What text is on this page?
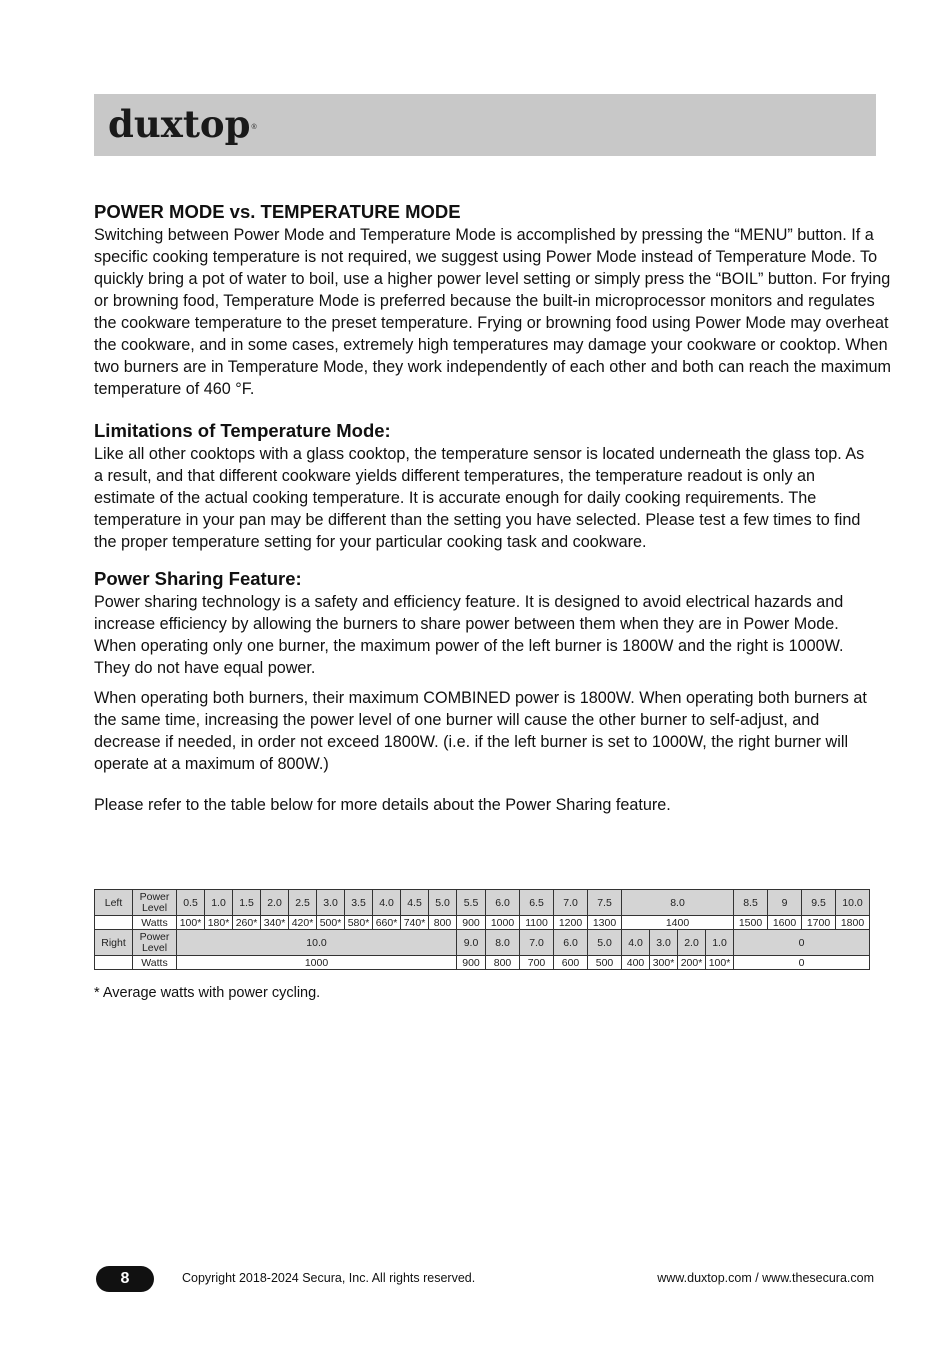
duxtop®
POWER MODE vs. TEMPERATURE MODE

Switching between Power Mode and Temperature Mode is accomplished by pressing the “MENU” button. If a specific cooking temperature is not required, we suggest using Power Mode instead of Temperature Mode. To quickly bring a pot of water to boil, use a higher power level setting or simply press the “BOIL” button. For frying or browning food, Temperature Mode is preferred because the built-in microprocessor monitors and regulates the cookware temperature to the preset temperature. Frying or browning food using Power Mode may overheat the cookware, and in some cases, extremely high temperatures may damage your cookware or cooktop. When two burners are in Temperature Mode, they work independently of each other and both can reach the maximum temperature of 460 °F.

Limitations of Temperature Mode:

Like all other cooktops with a glass cooktop, the temperature sensor is located underneath the glass top. As a result, and that different cookware yields different temperatures, the temperature readout is only an estimate of the actual cooking temperature. It is accurate enough for daily cooking requirements. The temperature in your pan may be different than the setting you have selected. Please test a few times to find the proper temperature setting for your particular cooking task and cookware.

Power Sharing Feature:

Power sharing technology is a safety and efficiency feature. It is designed to avoid electrical hazards and increase efficiency by allowing the burners to share power between them when they are in Power Mode. When operating only one burner, the maximum power of the left burner is 1800W and the right is 1000W. They do not have equal power.

When operating both burners, their maximum COMBINED power is 1800W. When operating both burners at the same time, increasing the power level of one burner will cause the other burner to self-adjust, and decrease if needed, in order not exceed 1800W. (i.e. if the left burner is set to 1000W, the right burner will operate at a maximum of 800W.)

Please refer to the table below for more details about the Power Sharing feature.

Left	Power Level	0.5	1.0	1.5	2.0	2.5	3.0	3.5	4.0	4.5	5.0	5.5	6.0	6.5	7.0	7.5	8.0				8.5	9	9.5	10.0
	Watts	100*	180*	260*	340*	420*	500*	580*	660*	740*	800	900	1000	1100	1200	1300	1400				1500	1600	1700	1800
Right	Power Level	10.0										9.0	8.0	7.0	6.0	5.0	4.0	3.0	2.0	1.0	0			
	Watts	1000										900	800	700	600	500	400	300*	200*	100*	0			
* Average watts with power cycling.
8	Copyright 2018-2024 Secura, Inc. All rights reserved.	www.duxtop.com / www.thesecura.com
